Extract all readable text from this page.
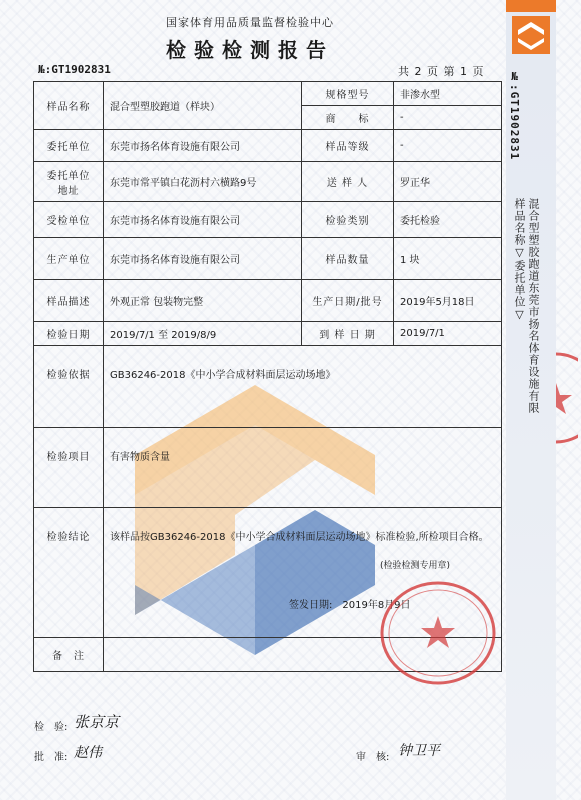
国家体育用品质量监督检验中心
检验检测报告
№:GT1902831	共 2 页 第 1 页
样品名称	混合型塑胶跑道（样块）	规格型号	非渗水型
		商　　标	-
委托单位	东莞市扬名体育设施有限公司	样品等级	-
委托单位
地址	东莞市常平镇白花沥村六横路9号	送 样 人	罗正华
受检单位	东莞市扬名体育设施有限公司	检验类别	委托检验
生产单位	东莞市扬名体育设施有限公司	样品数量	1 块
样品描述	外观正常 包装物完整	生产日期/批号	2019年5月18日
检验日期	2019/7/1 至 2019/8/9	到 样 日 期	2019/7/1
检验依据	GB36246-2018《中小学合成材料面层运动场地》		
检验项目	有害物质含量		
检验结论	该样品按GB36246-2018《中小学合成材料面层运动场地》标准检验,所检项目合格。
(检验检测专用章)
签发日期:　2019年8月9日		

备　注			
检　验: 张京京
批　准: 赵伟	审　核: 钟卫平
№:GT1902831
样品名称▽委托单位▽ 混合型塑胶跑道东莞市扬名体育设施有限
